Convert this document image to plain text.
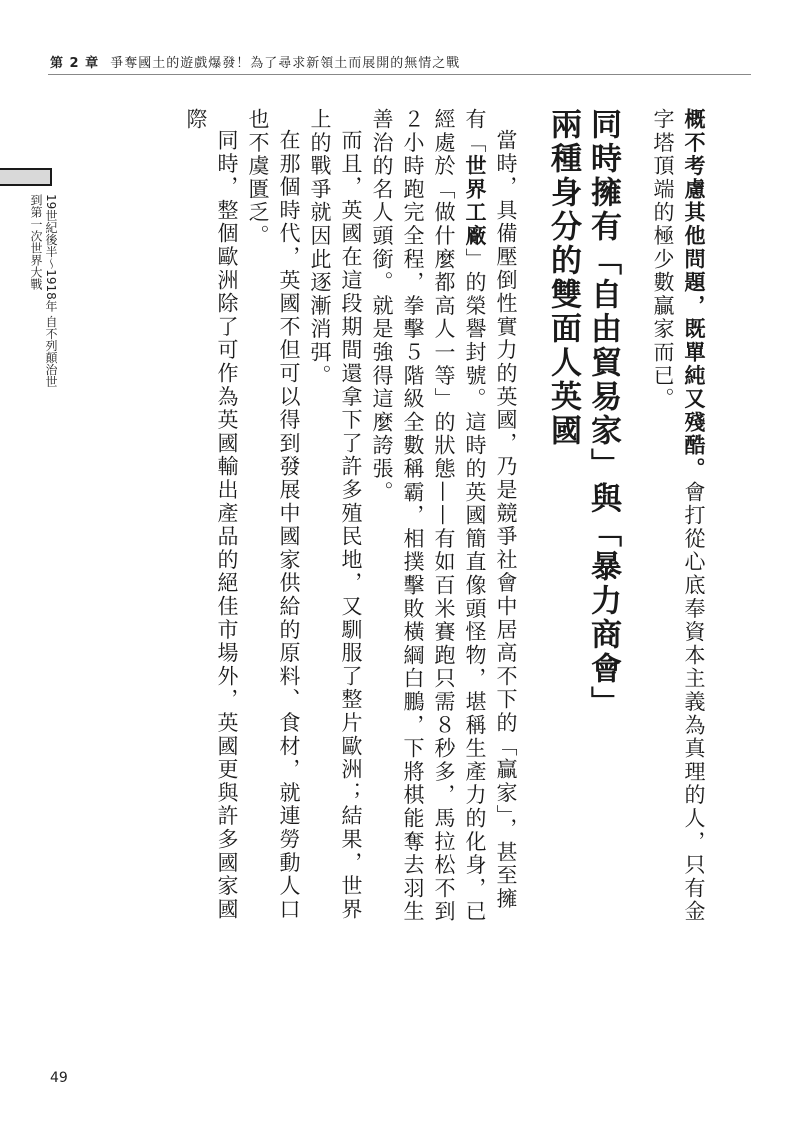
第 2 章 爭奪國土的遊戲爆發！為了尋求新領土而展開的無情之戰
19世紀後半～1918年 自不列顛治世到第一次世界大戰	概不考慮其他問題，既單純又殘酷。會打從心底奉資本主義為真理的人，只有金字塔頂端的極少數贏家而已。

同時擁有「自由貿易家」與「暴力商會」
兩種身分的雙面人英國

當時，具備壓倒性實力的英國，乃是競爭社會中居高不下的「贏家」，甚至擁有「世界工廠」的榮譽封號。這時的英國簡直像頭怪物，堪稱生產力的化身，已經處於「做什麼都高人一等」的狀態——有如百米賽跑只需８秒多，馬拉松不到２小時跑完全程，拳擊５階級全數稱霸，相撲擊敗橫綱白鵬，下將棋能奪去羽生善治的名人頭銜。就是強得這麼誇張。

而且，英國在這段期間還拿下了許多殖民地，又馴服了整片歐洲；結果，世界上的戰爭就因此逐漸消弭。

在那個時代，英國不但可以得到發展中國家供給的原料、食材，就連勞動人口也不虞匱乏。

同時，整個歐洲除了可作為英國輸出產品的絕佳市場外，英國更與許多國家國際

49
